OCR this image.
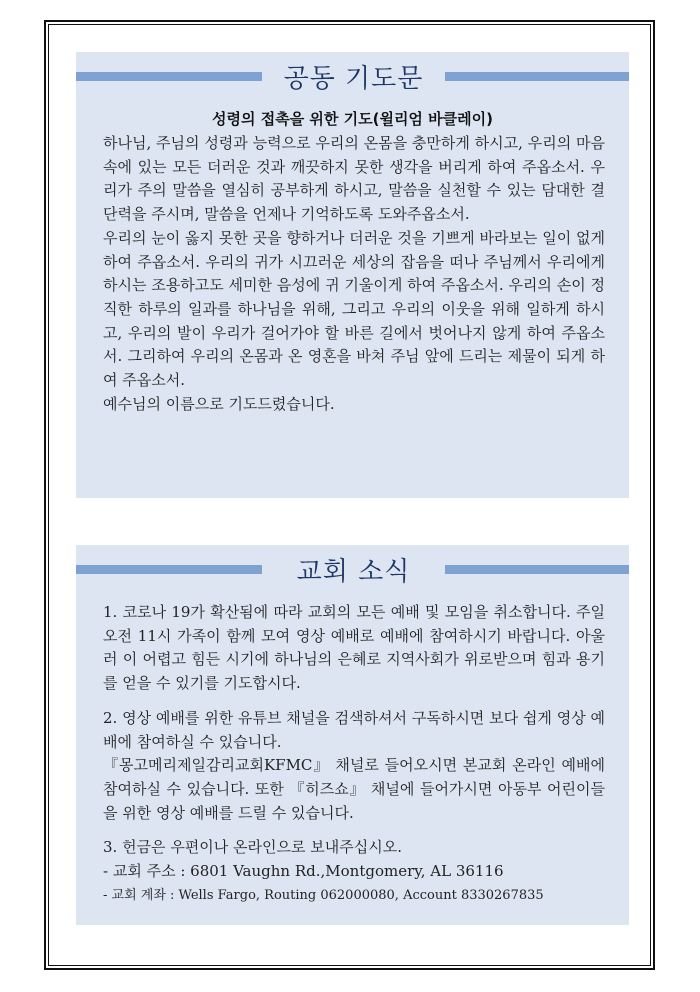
공동 기도문
성령의 접촉을 위한 기도(윌리엄 바클레이)
하나님, 주님의 성령과 능력으로 우리의 온몸을 충만하게 하시고, 우리의 마음 속에 있는 모든 더러운 것과 깨끗하지 못한 생각을 버리게 하여 주옵소서. 우리가 주의 말씀을 열심히 공부하게 하시고, 말씀을 실천할 수 있는 담대한 결단력을 주시며, 말씀을 언제나 기억하도록 도와주옵소서.
우리의 눈이 옳지 못한 곳을 향하거나 더러운 것을 기쁘게 바라보는 일이 없게 하여 주옵소서. 우리의 귀가 시끄러운 세상의 잡음을 떠나 주님께서 우리에게 하시는 조용하고도 세미한 음성에 귀 기울이게 하여 주옵소서. 우리의 손이 정직한 하루의 일과를 하나님을 위해, 그리고 우리의 이웃을 위해 일하게 하시고, 우리의 발이 우리가 걸어가야 할 바른 길에서 벗어나지 않게 하여 주옵소서. 그리하여 우리의 온몸과 온 영혼을 바쳐 주님 앞에 드리는 제물이 되게 하여 주옵소서.
예수님의 이름으로 기도드렸습니다.
교회 소식
1. 코로나 19가 확산됨에 따라 교회의 모든 예배 및 모임을 취소합니다. 주일 오전 11시 가족이 함께 모여 영상 예배로 예배에 참여하시기 바랍니다. 아울러 이 어렵고 힘든 시기에 하나님의 은혜로 지역사회가 위로받으며 힘과 용기를 얻을 수 있기를 기도합시다.
2. 영상 예배를 위한 유튜브 채널을 검색하셔서 구독하시면 보다 쉽게 영상 예배에 참여하실 수 있습니다.
『몽고메리제일감리교회KFMC』 채널로 들어오시면 본교회 온라인 예배에 참여하실 수 있습니다. 또한 『히즈쇼』 채널에 들어가시면 아동부 어린이들을 위한 영상 예배를 드릴 수 있습니다.
3. 헌금은 우편이나 온라인으로 보내주십시오.
- 교회 주소 : 6801 Vaughn Rd.,Montgomery, AL 36116
- 교회 계좌 : Wells Fargo, Routing 062000080, Account 8330267835
